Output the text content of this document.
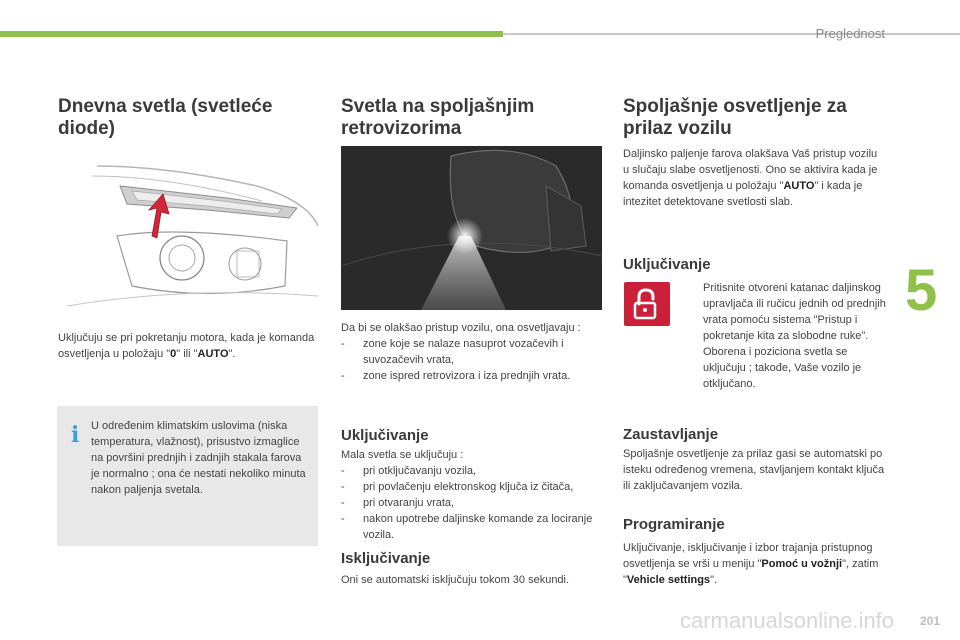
Preglednost
5
Dnevna svetla (svetleće diode)

Uključuju se pri pokretanju motora, kada je komanda osvetljenja u položaju "0" ili "AUTO".

i U određenim klimatskim uslovima (niska temperatura, vlažnost), prisustvo izmaglice na površini prednjih i zadnjih stakala farova je normalno ; ona će nestati nekoliko minuta nakon paljenja svetala.

Svetla na spoljašnjim retrovizorima

Da bi se olakšao pristup vozilu, ona osvetljavaju :

- zone koje se nalaze nasuprot vozačevih i suvozačevih vrata,
- zone ispred retrovizora i iza prednjih vrata.
Uključivanje

Mala svetla se uključuju :

- pri otključavanju vozila,
- pri povlačenju elektronskog ključa iz čitača,
- pri otvaranju vrata,
- nakon upotrebe daljinske komande za lociranje vozila.
Isključivanje

Oni se automatski isključuju tokom 30 sekundi.

Spoljašnje osvetljenje za prilaz vozilu

Daljinsko paljenje farova olakšava Vaš pristup vozilu u slučaju slabe osvetljenosti. Ono se aktivira kada je komanda osvetljenja u položaju "AUTO" i kada je intezitet detektovane svetlosti slab.

Uključivanje

Pritisnite otvoreni katanac daljinskog upravljača ili ručicu jednih od prednjih vrata pomoću sistema "Pristup i pokretanje kita za slobodne ruke".

Oborena i poziciona svetla se uključuju ; takođe, Vaše vozilo je otključano.

Zaustavljanje

Spoljašnje osvetljenje za prilaz gasi se automatski po isteku određenog vremena, stavljanjem kontakt ključa ili zaključavanjem vozila.

Programiranje

Uključivanje, isključivanje i izbor trajanja pristupnog osvetljenja se vrši u meniju "Pomoć u vožnji", zatim "Vehicle settings".

carmanualsonline.info 201
